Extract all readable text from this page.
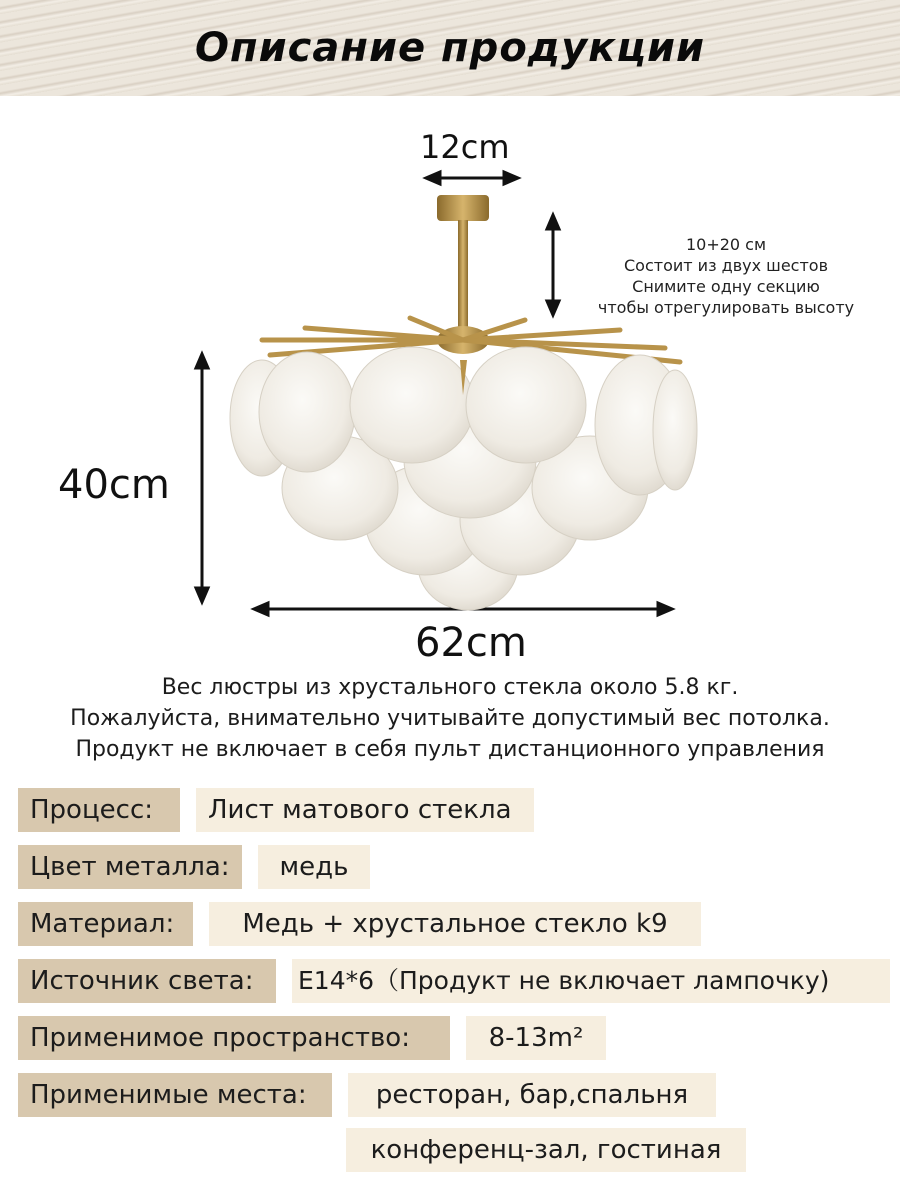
Описание продукции
12cm
40cm
62cm
10+20 см
Состоит из двух шестов
Снимите одну секцию
чтобы отрегулировать высоту
Вес люстры из хрустального стекла около 5.8 кг.
Пожалуйста, внимательно учитывайте допустимый вес потолка.
Продукт не включает в себя пульт дистанционного управления
Процесс:	Лист матового стекла
Цвет металла:	медь
Материал:	Медь + хрустальное стекло k9
Источник света:	E14*6（Продукт не включает лампочку)
Применимое пространство:	8-13m²
Применимые места:	ресторан, бар,спальня
конференц-зал, гостиная
